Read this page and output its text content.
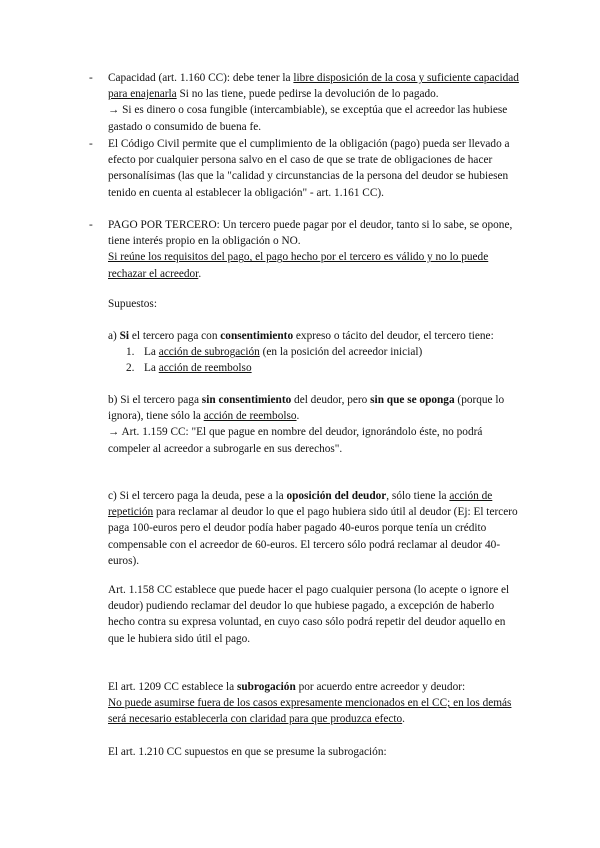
- Capacidad (art. 1.160 CC): debe tener la libre disposición de la cosa y suficiente capacidad para enajenarla Si no las tiene, puede pedirse la devolución de lo pagado.
→ Si es dinero o cosa fungible (intercambiable), se exceptúa que el acreedor las hubiese gastado o consumido de buena fe.

- El Código Civil permite que el cumplimiento de la obligación (pago) pueda ser llevado a efecto por cualquier persona salvo en el caso de que se trate de obligaciones de hacer personalísimas (las que la "calidad y circunstancias de la persona del deudor se hubiesen tenido en cuenta al establecer la obligación" - art. 1.161 CC).

- PAGO POR TERCERO: Un tercero puede pagar por el deudor, tanto si lo sabe, se opone, tiene interés propio en la obligación o NO.
Si reúne los requisitos del pago, el pago hecho por el tercero es válido y no lo puede rechazar el acreedor.

Supuestos:

a) Si el tercero paga con consentimiento expreso o tácito del deudor, el tercero tiene:
1. La acción de subrogación (en la posición del acreedor inicial)
2. La acción de reembolso

b) Si el tercero paga sin consentimiento del deudor, pero sin que se oponga (porque lo ignora), tiene sólo la acción de reembolso.
→ Art. 1.159 CC: "El que pague en nombre del deudor, ignorándolo éste, no podrá compeler al acreedor a subrogarle en sus derechos".

c) Si el tercero paga la deuda, pese a la oposición del deudor, sólo tiene la acción de repetición para reclamar al deudor lo que el pago hubiera sido útil al deudor (Ej: El tercero paga 100-euros pero el deudor podía haber pagado 40-euros porque tenía un crédito compensable con el acreedor de 60-euros. El tercero sólo podrá reclamar al deudor 40-euros).

Art. 1.158 CC establece que puede hacer el pago cualquier persona (lo acepte o ignore el deudor) pudiendo reclamar del deudor lo que hubiese pagado, a excepción de haberlo hecho contra su expresa voluntad, en cuyo caso sólo podrá repetir del deudor aquello en que le hubiera sido útil el pago.

El art. 1209 CC establece la subrogación por acuerdo entre acreedor y deudor:
No puede asumirse fuera de los casos expresamente mencionados en el CC; en los demás será necesario establecerla con claridad para que produzca efecto.

El art. 1.210 CC supuestos en que se presume la subrogación:
